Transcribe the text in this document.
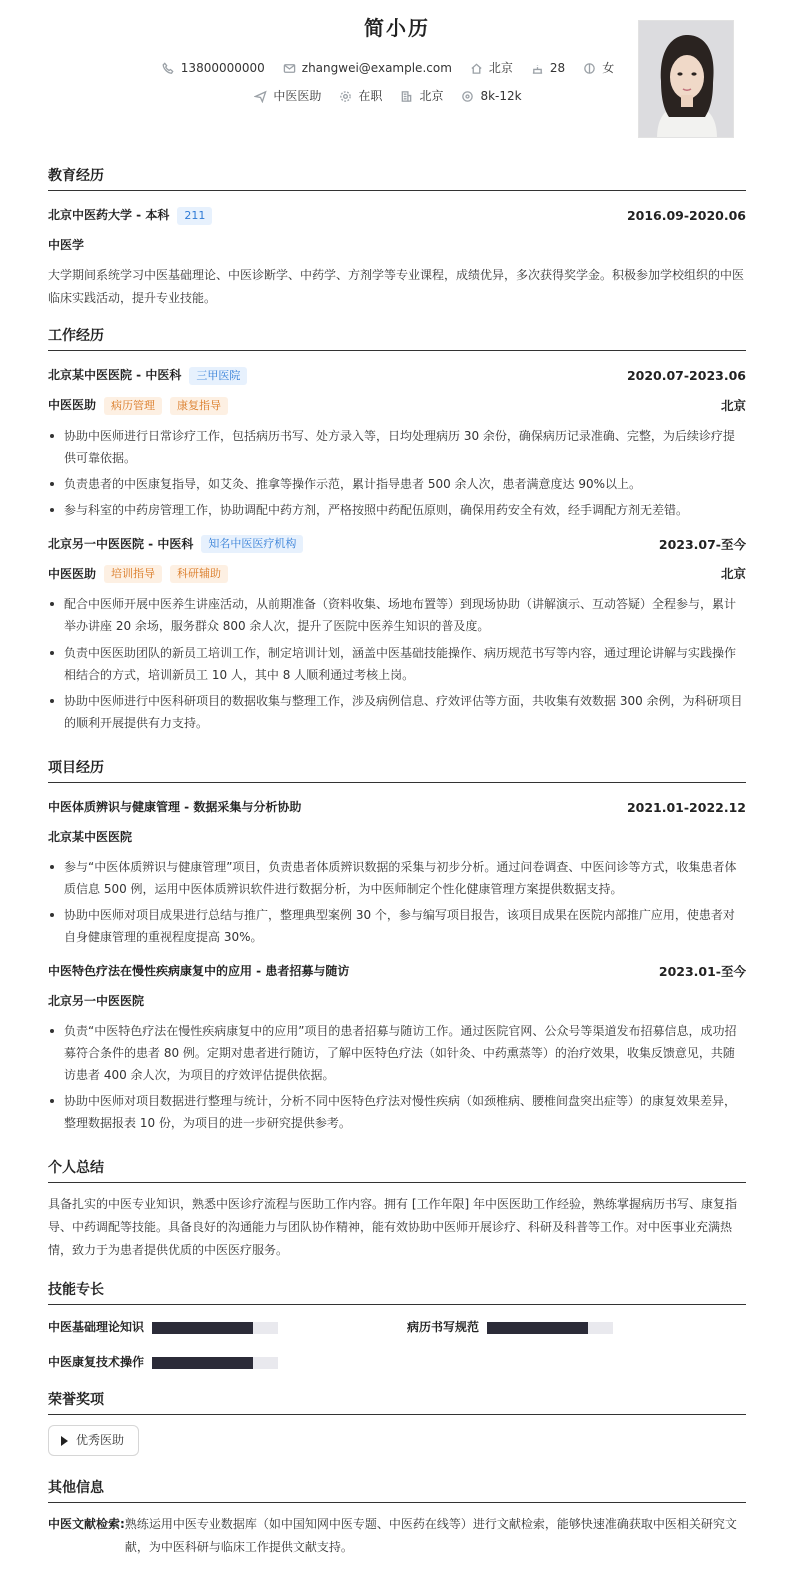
简小历
13800000000	zhangwei@example.com	北京	28	女
中医医助	在职	北京	8k-12k
教育经历
北京中医药大学 - 本科	211	2016.09-2020.06
中医学
大学期间系统学习中医基础理论、中医诊断学、中药学、方剂学等专业课程，成绩优异，多次获得奖学金。积极参加学校组织的中医临床实践活动，提升专业技能。
工作经历
北京某中医医院 - 中医科	三甲医院	2020.07-2023.06
中医医助	病历管理	康复指导	北京
协助中医师进行日常诊疗工作，包括病历书写、处方录入等，日均处理病历 30 余份，确保病历记录准确、完整，为后续诊疗提供可靠依据。
负责患者的中医康复指导，如艾灸、推拿等操作示范，累计指导患者 500 余人次，患者满意度达 90%以上。
参与科室的中药房管理工作，协助调配中药方剂，严格按照中药配伍原则，确保用药安全有效，经手调配方剂无差错。
北京另一中医医院 - 中医科	知名中医医疗机构	2023.07-至今
中医医助	培训指导	科研辅助	北京
配合中医师开展中医养生讲座活动，从前期准备（资料收集、场地布置等）到现场协助（讲解演示、互动答疑）全程参与，累计举办讲座 20 余场，服务群众 800 余人次，提升了医院中医养生知识的普及度。
负责中医医助团队的新员工培训工作，制定培训计划，涵盖中医基础技能操作、病历规范书写等内容，通过理论讲解与实践操作相结合的方式，培训新员工 10 人，其中 8 人顺利通过考核上岗。
协助中医师进行中医科研项目的数据收集与整理工作，涉及病例信息、疗效评估等方面，共收集有效数据 300 余例，为科研项目的顺利开展提供有力支持。
项目经历
中医体质辨识与健康管理 - 数据采集与分析协助	2021.01-2022.12
北京某中医医院
参与“中医体质辨识与健康管理”项目，负责患者体质辨识数据的采集与初步分析。通过问卷调查、中医问诊等方式，收集患者体质信息 500 例，运用中医体质辨识软件进行数据分析，为中医师制定个性化健康管理方案提供数据支持。
协助中医师对项目成果进行总结与推广，整理典型案例 30 个，参与编写项目报告，该项目成果在医院内部推广应用，使患者对自身健康管理的重视程度提高 30%。
中医特色疗法在慢性疾病康复中的应用 - 患者招募与随访	2023.01-至今
北京另一中医医院
负责“中医特色疗法在慢性疾病康复中的应用”项目的患者招募与随访工作。通过医院官网、公众号等渠道发布招募信息，成功招募符合条件的患者 80 例。定期对患者进行随访，了解中医特色疗法（如针灸、中药熏蒸等）的治疗效果，收集反馈意见，共随访患者 400 余人次，为项目的疗效评估提供依据。
协助中医师对项目数据进行整理与统计，分析不同中医特色疗法对慢性疾病（如颈椎病、腰椎间盘突出症等）的康复效果差异，整理数据报表 10 份，为项目的进一步研究提供参考。
个人总结
具备扎实的中医专业知识，熟悉中医诊疗流程与医助工作内容。拥有 [工作年限] 年中医医助工作经验，熟练掌握病历书写、康复指导、中药调配等技能。具备良好的沟通能力与团队协作精神，能有效协助中医师开展诊疗、科研及科普等工作。对中医事业充满热情，致力于为患者提供优质的中医医疗服务。
技能专长
中医基础理论知识	病历书写规范
中医康复技术操作
荣誉奖项
优秀医助
其他信息
中医文献检索: 熟练运用中医专业数据库（如中国知网中医专题、中医药在线等）进行文献检索，能够快速准确获取中医相关研究文献，为中医科研与临床工作提供文献支持。
